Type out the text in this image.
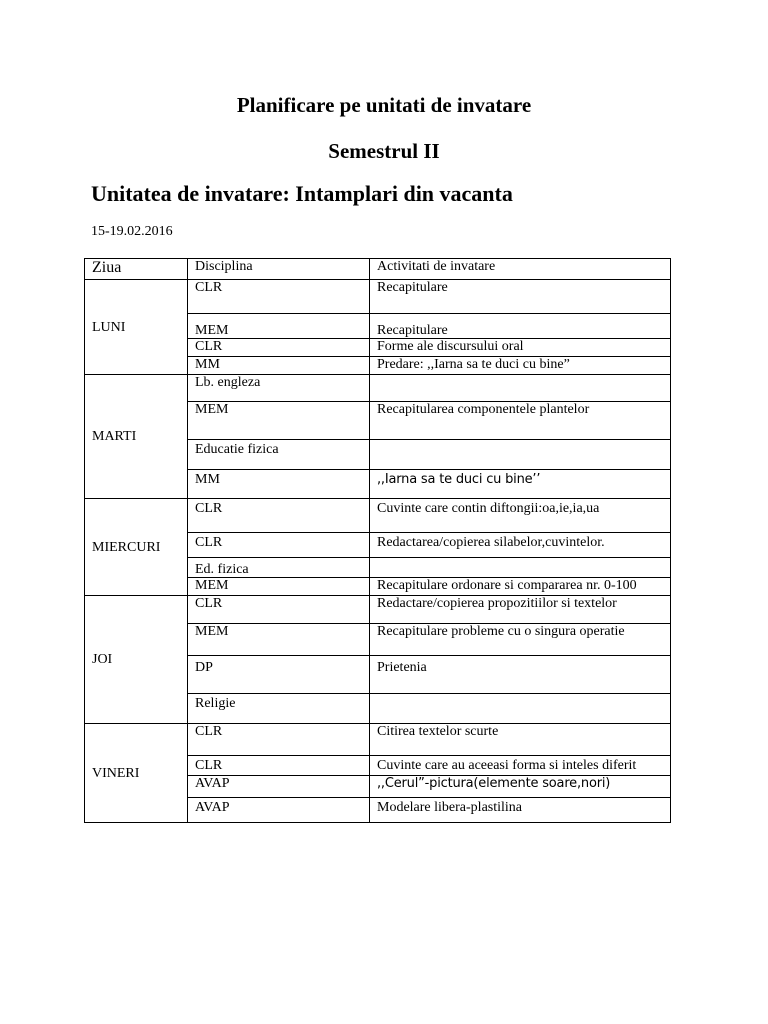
Planificare pe unitati de invatare
Semestrul II
Unitatea de invatare: Intamplari din vacanta
15-19.02.2016
Ziua	Disciplina	Activitati de invatare
LUNI	CLR	Recapitulare
	MEM	Recapitulare
	CLR	Forme ale discursului oral
	MM	Predare: ,,Iarna sa te duci cu bine”
MARTI	Lb. engleza	
	MEM	Recapitularea componentele plantelor
	Educatie fizica	
	MM	,,Iarna sa te duci cu bine’’
MIERCURI	CLR	Cuvinte care contin diftongii:oa,ie,ia,ua
	CLR	Redactarea/copierea silabelor,cuvintelor.
	Ed. fizica	
	MEM	Recapitulare ordonare si compararea nr. 0-100
JOI	CLR	Redactare/copierea propozitiilor si textelor
	MEM	Recapitulare probleme cu o singura operatie
	DP	Prietenia
	Religie	
VINERI	CLR	Citirea textelor scurte
	CLR	Cuvinte care au aceeasi forma si inteles diferit
	AVAP	,,Cerul”-pictura(elemente soare,nori)
	AVAP	Modelare libera-plastilina
